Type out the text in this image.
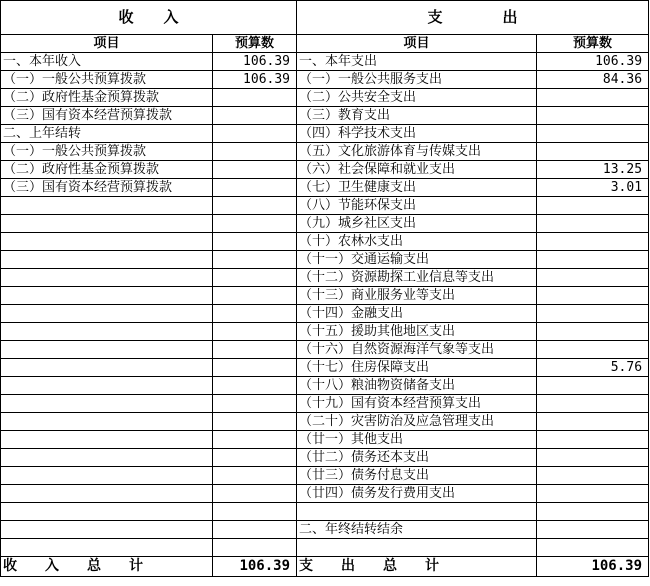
收　　入		支　　　　出	
项目	预算数	项目	预算数
一、本年收入	106.39	一、本年支出	106.39
（一）一般公共预算拨款	106.39	（一）一般公共服务支出	84.36
（二）政府性基金预算拨款		（二）公共安全支出	
（三）国有资本经营预算拨款		（三）教育支出	
二、上年结转		（四）科学技术支出	
（一）一般公共预算拨款		（五）文化旅游体育与传媒支出	
（二）政府性基金预算拨款		（六）社会保障和就业支出	13.25
（三）国有资本经营预算拨款		（七）卫生健康支出	3.01
		（八）节能环保支出	
		（九）城乡社区支出	
		（十）农林水支出	
		（十一）交通运输支出	
		（十二）资源勘探工业信息等支出	
		（十三）商业服务业等支出	
		（十四）金融支出	
		（十五）援助其他地区支出	
		（十六）自然资源海洋气象等支出	
		（十七）住房保障支出	5.76
		（十八）粮油物资储备支出	
		（十九）国有资本经营预算支出	
		（二十）灾害防治及应急管理支出	
		（廿一）其他支出	
		（廿二）债务还本支出	
		（廿三）债务付息支出	
		（廿四）债务发行费用支出	

		二、年终结转结余	

收　　入　　总　　计	106.39	支　　出　　总　　计	106.39
